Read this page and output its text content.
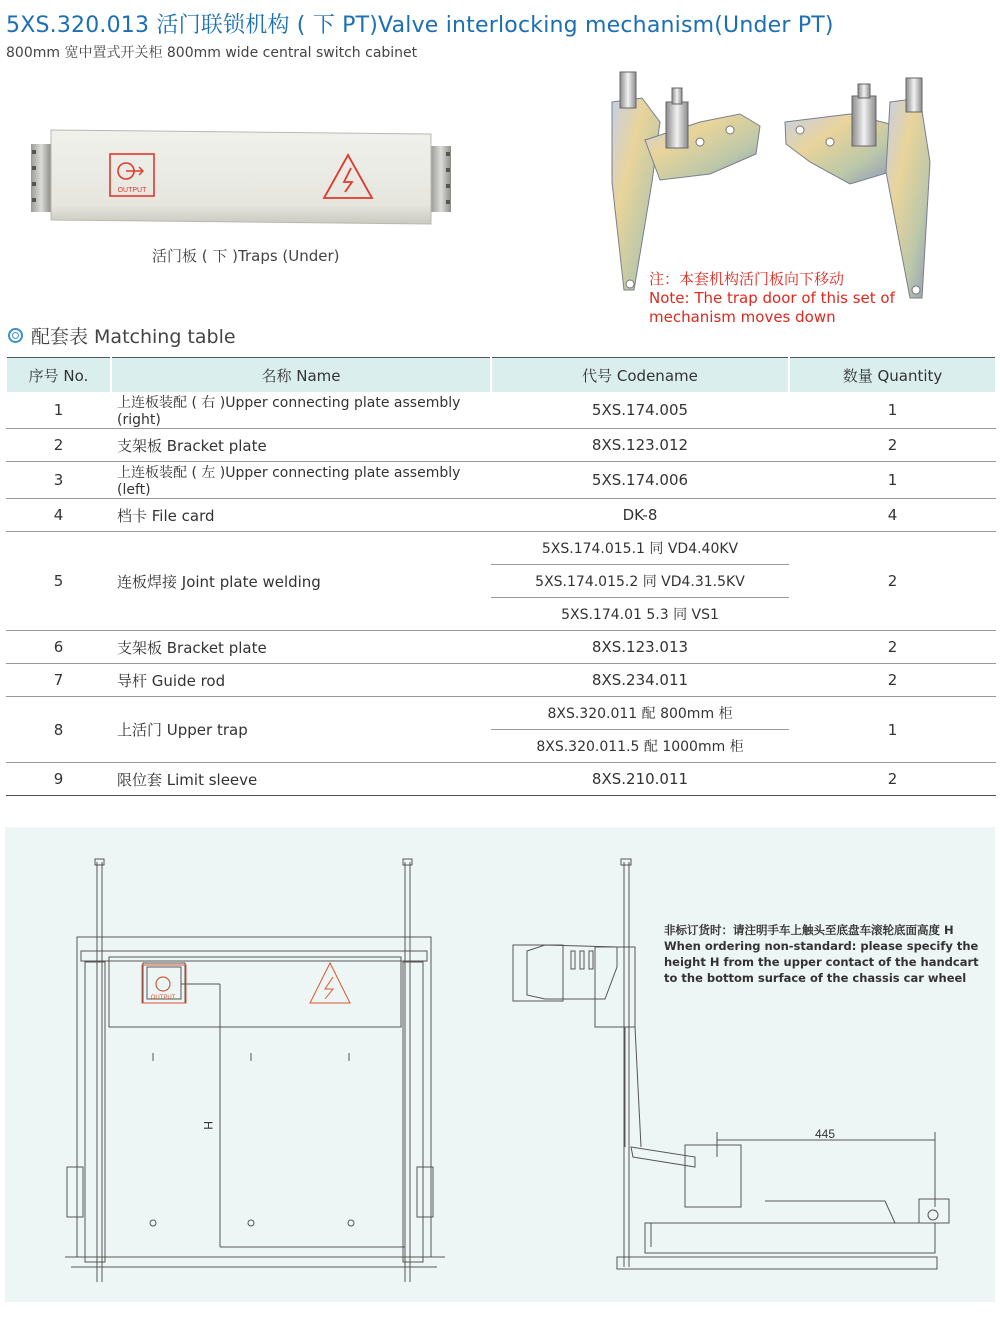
5XS.320.013 活门联锁机构 ( 下 PT)Valve interlocking mechanism(Under PT)
800mm 宽中置式开关柜 800mm wide central switch cabinet
OUTPUT
活门板 ( 下 )Traps (Under)
注：本套机构活门板向下移动
Note: The trap door of this set of
mechanism moves down
配套表 Matching table
序号 No.	名称 Name	代号 Codename	数量 Quantity
1	上连板装配 ( 右 )Upper connecting plate assembly (right)	5XS.174.005	1
2	支架板 Bracket plate	8XS.123.012	2
3	上连板装配 ( 左 )Upper connecting plate assembly (left)	5XS.174.006	1
4	档卡 File card	DK-8	4
5	连板焊接 Joint plate welding	5XS.174.015.1 同 VD4.40KV	2
		5XS.174.015.2 同 VD4.31.5KV	
		5XS.174.01 5.3 同 VS1	
6	支架板 Bracket plate	8XS.123.013	2
7	导杆 Guide rod	8XS.234.011	2
8	上活门 Upper trap	8XS.320.011 配 800mm 柜	1
		8XS.320.011.5 配 1000mm 柜	
9	限位套 Limit sleeve	8XS.210.011	2
H
OUTPUT
445
非标订货时：请注明手车上触头至底盘车滚轮底面高度 H
When ordering non-standard: please specify the height H from the upper contact of the handcart to the bottom surface of the chassis car wheel
